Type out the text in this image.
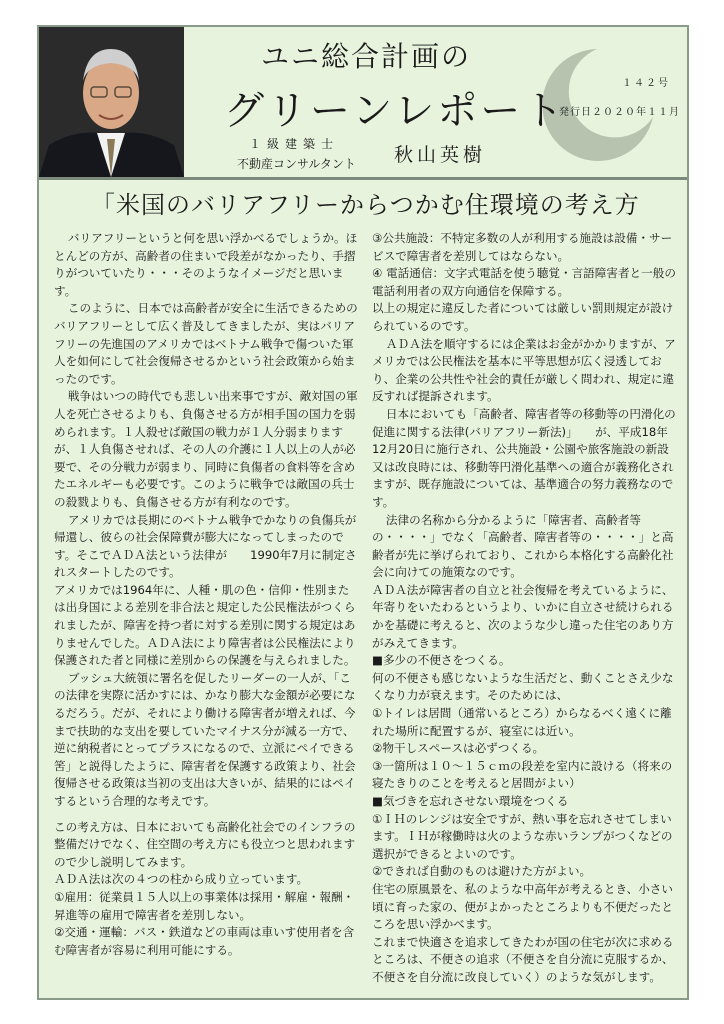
ユニ総合計画の
グリーンレポート
１級建築士
不動産コンサルタント 秋山英樹
１４２号
発行日２０２０年１１月
「米国のバリアフリーからつかむ住環境の考え方

バリアフリーというと何を思い浮かべるでしょうか。ほとんどの方が、高齢者の住まいで段差がなかったり、手摺りがついていたり・・・そのようなイメージだと思います。

このように、日本では高齢者が安全に生活できるためのバリアフリーとして広く普及してきましたが、実はバリアフリーの先進国のアメリカではベトナム戦争で傷ついた軍人を如何にして社会復帰させるかという社会政策から始まったのです。

戦争はいつの時代でも悲しい出来事ですが、敵対国の軍人を死亡させるよりも、負傷させる方が相手国の国力を弱められます。１人殺せば敵国の戦力が１人分弱まりますが、１人負傷させれば、その人の介護に１人以上の人が必要で、その分戦力が弱まり、同時に負傷者の食料等を含めたエネルギーも必要です。このように戦争では敵国の兵士の殺戮よりも、負傷させる方が有利なのです。

アメリカでは長期にのベトナム戦争でかなりの負傷兵が帰還し、彼らの社会保障費が膨大になってしまったのです。そこでＡＤＡ法という法律が　　1990年7月に制定されスタートしたのです。

アメリカでは1964年に、人種・肌の色・信仰・性別または出身国による差別を非合法と規定した公民権法がつくられましたが、障害を持つ者に対する差別に関する規定はありませんでした。ＡＤＡ法により障害者は公民権法により保護された者と同様に差別からの保護を与えられました。

ブッシュ大統領に署名を促したリーダーの一人が、「この法律を実際に活かすには、かなり膨大な金額が必要になるだろう。だが、それにより働ける障害者が増えれば、今まで扶助的な支出を要していたマイナス分が減る一方で、逆に納税者にとってプラスになるので、立派にペイできる筈」と説得したように、障害者を保護する政策より、社会復帰させる政策は当初の支出は大きいが、結果的にはペイするという合理的な考えです。

この考え方は、日本においても高齢化社会でのインフラの整備だけでなく、住空間の考え方にも役立つと思われますので少し説明してみます。

ＡＤＡ法は次の４つの柱から成り立っています。

①雇用：従業員１５人以上の事業体は採用・解雇・報酬・昇進等の雇用で障害者を差別しない。

②交通・運輸：バス・鉄道などの車両は車いす使用者を含む障害者が容易に利用可能にする。

③公共施設：不特定多数の人が利用する施設は設備・サービスで障害者を差別してはならない。

④ 電話通信：文字式電話を使う聴覚・言語障害者と一般の電話利用者の双方向通信を保障する。

以上の規定に違反した者については厳しい罰則規定が設けられているのです。

ＡＤＡ法を順守するには企業はお金がかかりますが、アメリカでは公民権法を基本に平等思想が広く浸透しており、企業の公共性や社会的責任が厳しく問われ、規定に違反すれば提訴されます。

日本においても「高齢者、障害者等の移動等の円滑化の促進に関する法律(バリアフリー新法)」　　が、平成18年12月20日に施行され、公共施設・公園や旅客施設の新設又は改良時には、移動等円滑化基準への適合が義務化されますが、既存施設については、基準適合の努力義務なのです。

法律の名称から分かるように「障害者、高齢者等の・・・・」でなく「高齢者、障害者等の・・・・」と高齢者が先に挙げられており、これから本格化する高齢化社会に向けての施策なのです。

ＡＤＡ法が障害者の自立と社会復帰を考えているように、年寄りをいたわるというより、いかに自立させ続けられるかを基礎に考えると、次のような少し違った住宅のあり方がみえてきます。

■多少の不便さをつくる。

何の不便さも感じないような生活だと、動くことさえ少なくなり力が衰えます。そのためには、

①トイレは居間（通常いるところ）からなるべく遠くに離れた場所に配置するが、寝室には近い。

②物干しスペースは必ずつくる。

③一箇所は１０～１５ｃｍの段差を室内に設ける（将来の寝たきりのことを考えると居間がよい）

■気づきを忘れさせない環境をつくる

①ＩＨのレンジは安全ですが、熱い事を忘れさせてしまいます。ＩＨが稼働時は火のような赤いランプがつくなどの選択ができるとよいのです。

②できれば自動のものは避けた方がよい。

住宅の原風景を、私のような中高年が考えるとき、小さい頃に育った家の、便がよかったところよりも不便だったところを思い浮かべます。

これまで快適さを追求してきたわが国の住宅が次に求めるところは、不便さの追求（不便さを自分流に克服するか、不便さを自分流に改良していく）のような気がします。
